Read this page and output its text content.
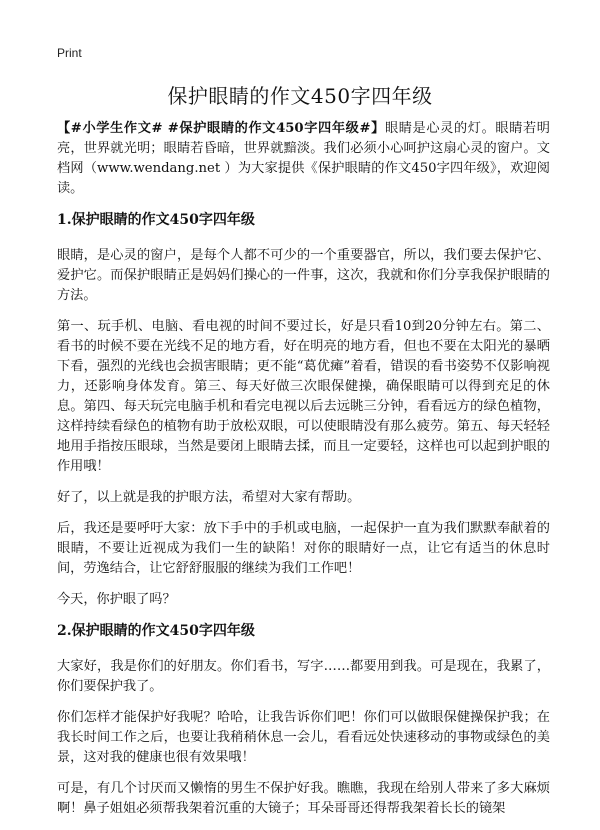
Print
保护眼睛的作文450字四年级

【#小学生作文# #保护眼睛的作文450字四年级#】眼睛是心灵的灯。眼睛若明亮，世界就光明；眼睛若昏暗，世界就黯淡。我们必须小心呵护这扇心灵的窗户。文档网（www.wendang.net ）为大家提供《保护眼睛的作文450字四年级》，欢迎阅读。

1.保护眼睛的作文450字四年级

眼睛，是心灵的窗户，是每个人都不可少的一个重要器官，所以，我们要去保护它、爱护它。而保护眼睛正是妈妈们操心的一件事，这次，我就和你们分享我保护眼睛的方法。

第一、玩手机、电脑、看电视的时间不要过长，好是只看10到20分钟左右。第二、看书的时候不要在光线不足的地方看，好在明亮的地方看，但也不要在太阳光的暴晒下看，强烈的光线也会损害眼睛；更不能“葛优瘫”着看，错误的看书姿势不仅影响视力，还影响身体发育。第三、每天好做三次眼保健操，确保眼睛可以得到充足的休息。第四、每天玩完电脑手机和看完电视以后去远眺三分钟，看看远方的绿色植物，这样持续看绿色的植物有助于放松双眼，可以使眼睛没有那么疲劳。第五、每天轻轻地用手指按压眼球，当然是要闭上眼睛去揉，而且一定要轻，这样也可以起到护眼的作用哦！

好了，以上就是我的护眼方法，希望对大家有帮助。

后，我还是要呼吁大家：放下手中的手机或电脑，一起保护一直为我们默默奉献着的眼睛，不要让近视成为我们一生的缺陷！对你的眼睛好一点，让它有适当的休息时间，劳逸结合，让它舒舒服服的继续为我们工作吧！

今天，你护眼了吗？

2.保护眼睛的作文450字四年级

大家好，我是你们的好朋友。你们看书，写字……都要用到我。可是现在，我累了，你们要保护我了。

你们怎样才能保护好我呢？哈哈，让我告诉你们吧！你们可以做眼保健操保护我；在我长时间工作之后，也要让我稍稍休息一会儿，看看远处快速移动的事物或绿色的美景，这对我的健康也很有效果哦！

可是，有几个讨厌而又懒惰的男生不保护好我。瞧瞧，我现在给别人带来了多大麻烦啊！鼻子姐姐必须帮我架着沉重的大镜子；耳朵哥哥还得帮我架着长长的镜架
